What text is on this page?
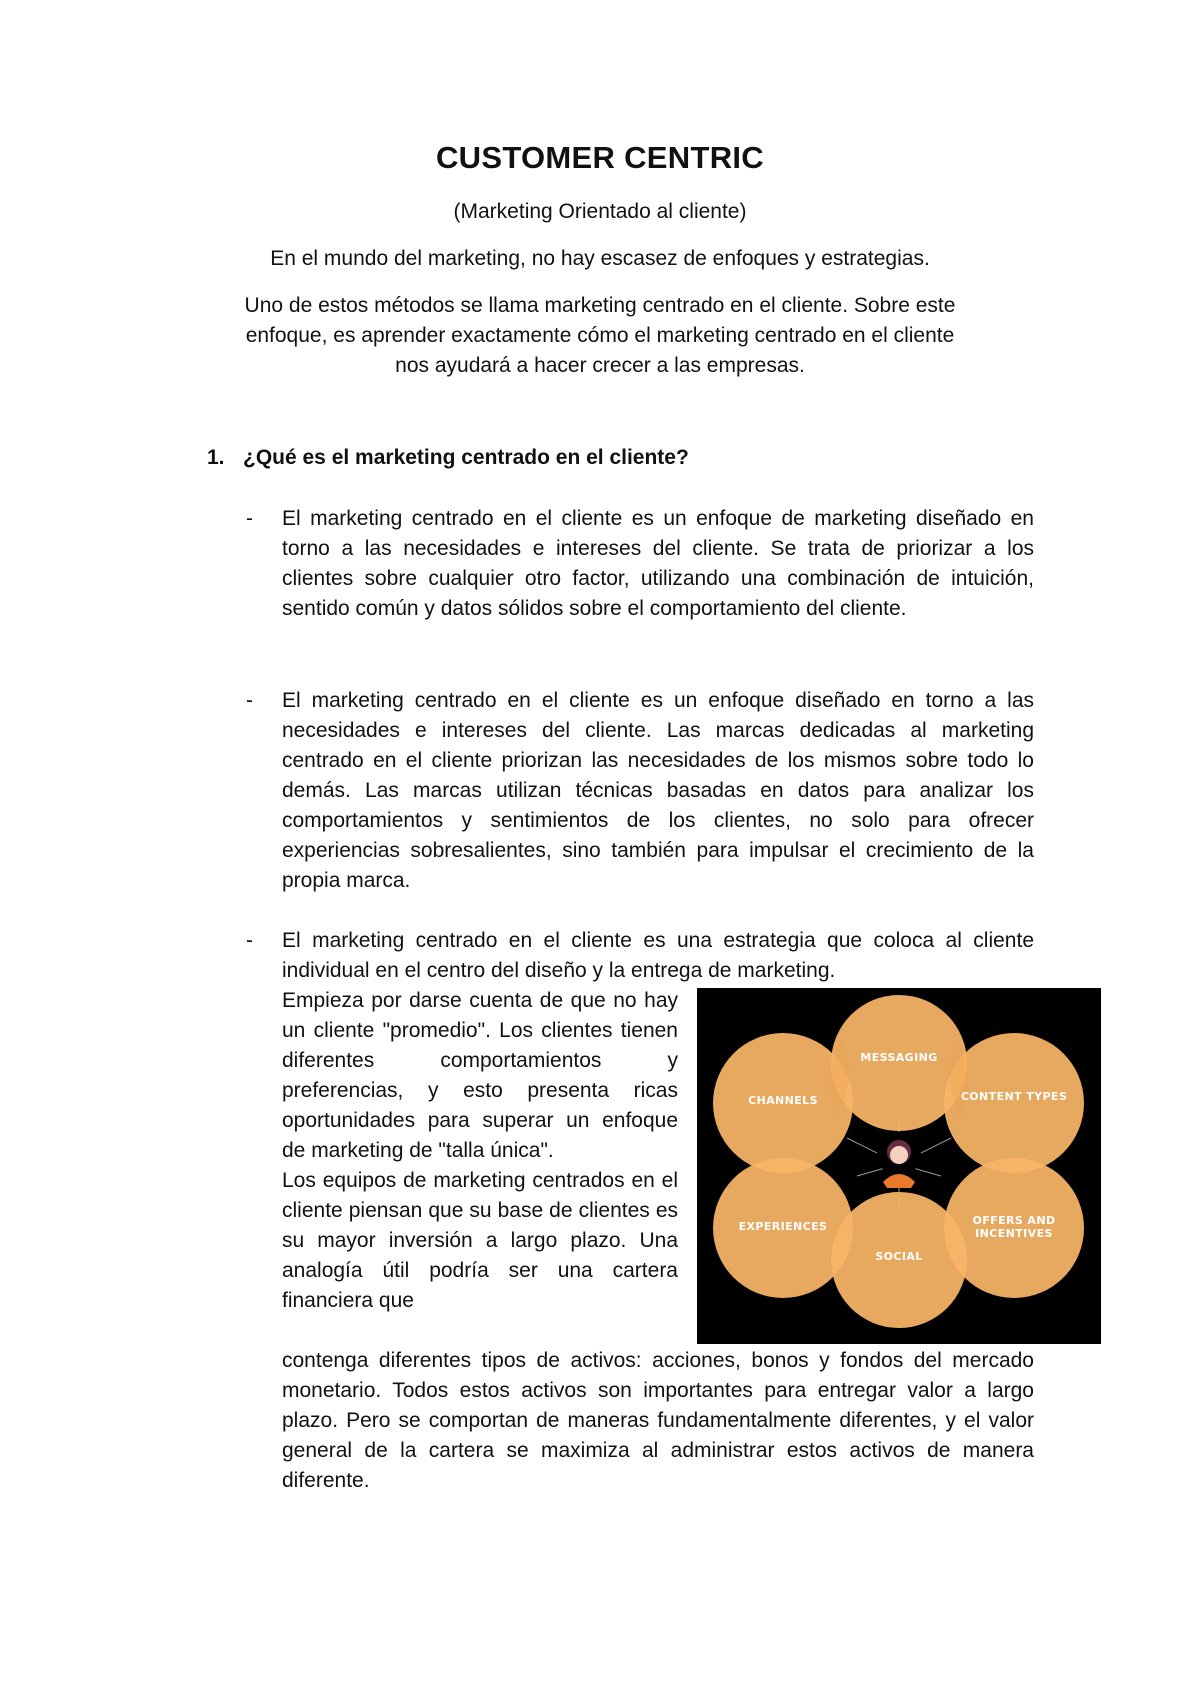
CUSTOMER CENTRIC

(Marketing Orientado al cliente)

En el mundo del marketing, no hay escasez de enfoques y estrategias.

Uno de estos métodos se llama marketing centrado en el cliente. Sobre este
enfoque, es aprender exactamente cómo el marketing centrado en el cliente
nos ayudará a hacer crecer a las empresas.

1. ¿Qué es el marketing centrado en el cliente?
- El marketing centrado en el cliente es un enfoque de marketing diseñado en torno a las necesidades e intereses del cliente. Se trata de priorizar a los clientes sobre cualquier otro factor, utilizando una combinación de intuición, sentido común y datos sólidos sobre el comportamiento del cliente.

- El marketing centrado en el cliente es un enfoque diseñado en torno a las necesidades e intereses del cliente. Las marcas dedicadas al marketing centrado en el cliente priorizan las necesidades de los mismos sobre todo lo demás. Las marcas utilizan técnicas basadas en datos para analizar los comportamientos y sentimientos de los clientes, no solo para ofrecer experiencias sobresalientes, sino también para impulsar el crecimiento de la propia marca.

- El marketing centrado en el cliente es una estrategia que coloca al cliente individual en el centro del diseño y la entrega de marketing.

Empieza por darse cuenta de que no hay un cliente "promedio". Los clientes tienen diferentes comportamientos y preferencias, y esto presenta ricas oportunidades para superar un enfoque de marketing de "talla única".

Los equipos de marketing centrados en el cliente piensan que su base de clientes es su mayor inversión a largo plazo. Una analogía útil podría ser una cartera financiera que

contenga diferentes tipos de activos: acciones, bonos y fondos del mercado monetario. Todos estos activos son importantes para entregar valor a largo plazo. Pero se comportan de maneras fundamentalmente diferentes, y el valor general de la cartera se maximiza al administrar estos activos de manera diferente.

MESSAGING
CHANNELS	CONTENT TYPES
EXPERIENCES	OFFERS AND
INCENTIVES
SOCIAL
